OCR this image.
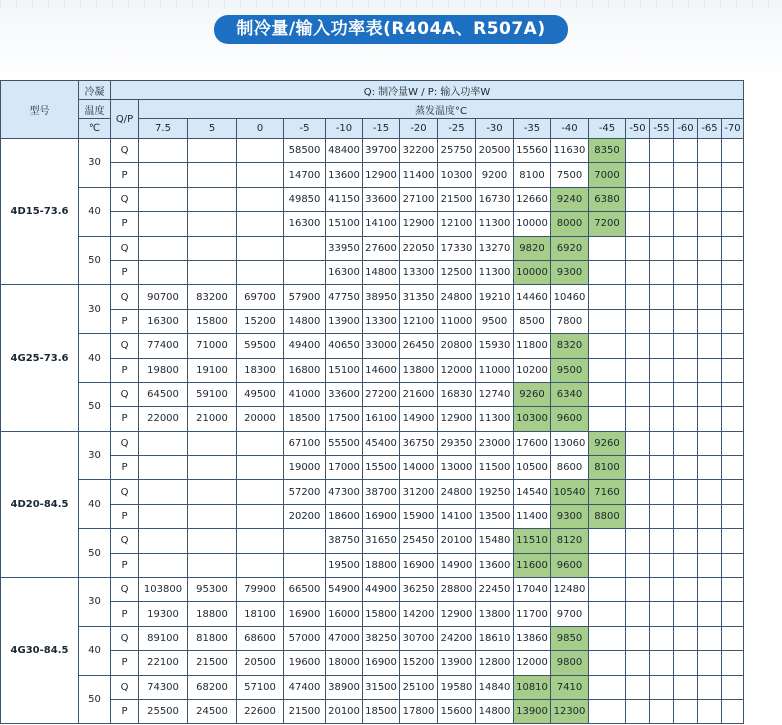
制冷量/输入功率表(R404A、R507A)
型号	冷凝	Q: 制冷量W / P: 输入功率W																	
	温度	Q/P	蒸发温度°C																
	℃		7.5	5	0	-5	-10	-15	-20	-25	-30	-35	-40	-45	-50	-55	-60	-65	-70
4D15-73.6	30	Q				58500	48400	39700	32200	25750	20500	15560	11630	8350					
		P				14700	13600	12900	11400	10300	9200	8100	7500	7000					
	40	Q				49850	41150	33600	27100	21500	16730	12660	9240	6380					
		P				16300	15100	14100	12900	12100	11300	10000	8000	7200					
	50	Q					33950	27600	22050	17330	13270	9820	6920						
		P					16300	14800	13300	12500	11300	10000	9300						
4G25-73.6	30	Q	90700	83200	69700	57900	47750	38950	31350	24800	19210	14460	10460						
		P	16300	15800	15200	14800	13900	13300	12100	11000	9500	8500	7800						
	40	Q	77400	71000	59500	49400	40650	33000	26450	20800	15930	11800	8320						
		P	19800	19100	18300	16800	15100	14600	13800	12000	11000	10200	9500						
	50	Q	64500	59100	49500	41000	33600	27200	21600	16830	12740	9260	6340						
		P	22000	21000	20000	18500	17500	16100	14900	12900	11300	10300	9600						
4D20-84.5	30	Q				67100	55500	45400	36750	29350	23000	17600	13060	9260					
		P				19000	17000	15500	14000	13000	11500	10500	8600	8100					
	40	Q				57200	47300	38700	31200	24800	19250	14540	10540	7160					
		P				20200	18600	16900	15900	14100	13500	11400	9300	8800					
	50	Q					38750	31650	25450	20100	15480	11510	8120						
		P					19500	18800	16900	14900	13600	11600	9600						
4G30-84.5	30	Q	103800	95300	79900	66500	54900	44900	36250	28800	22450	17040	12480						
		P	19300	18800	18100	16900	16000	15800	14200	12900	13800	11700	9700						
	40	Q	89100	81800	68600	57000	47000	38250	30700	24200	18610	13860	9850						
		P	22100	21500	20500	19600	18000	16900	15200	13900	12800	12000	9800						
	50	Q	74300	68200	57100	47400	38900	31500	25100	19580	14840	10810	7410						
		P	25500	24500	22600	21500	20100	18500	17800	15600	14800	13900	12300						
